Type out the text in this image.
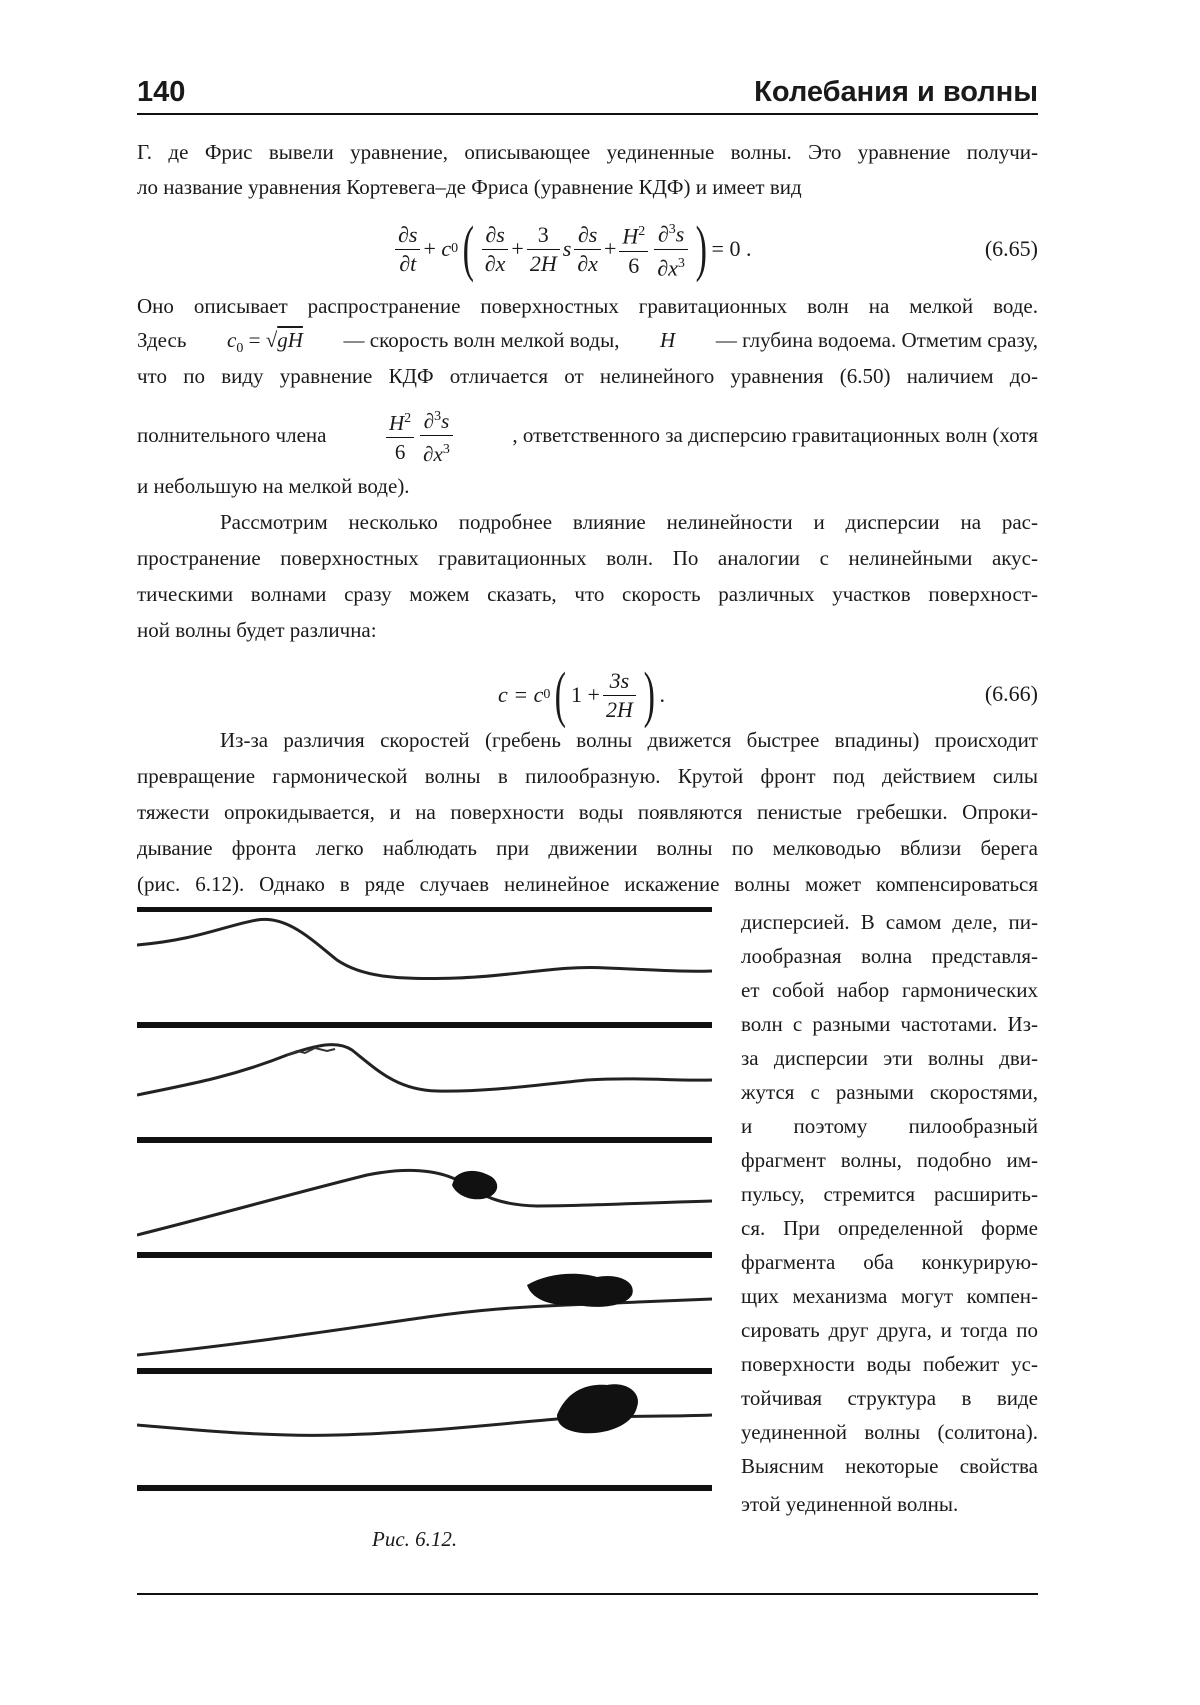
140	Колебания и волны
Г. де Фрис вывели уравнение, описывающее уединенные волны. Это уравнение получи-
ло название уравнения Кортевега–де Фриса (уравнение КДФ) и имеет вид
$\frac{\partial s}{\partial t}$ +
c 0 ( $\frac{\partial s}{\partial x} + \frac{3}{2H}$ s $\frac{\partial s}{\partial x} + \frac{H^2}{6} \frac{\partial^3s}{\partial x^3}$ ) = 0 .	(6.65)
Оно описывает распространение поверхностных гравитационных волн на мелкой воде.
Здесь $c_0 = √gH$ — скорость волн мелкой воды, H — глубина водоема. Отметим сразу,
что по виду уравнение КДФ отличается от нелинейного уравнения (6.50) наличием до-
полнительного члена	$\frac{H^2}{6} \frac{\partial^3s}{\partial x^3}$	, ответственного за дисперсию гравитационных волн (хотя
и небольшую на мелкой воде).
Рассмотрим несколько подробнее влияние нелинейности и дисперсии на рас-
пространение поверхностных гравитационных волн. По аналогии с нелинейными акус-
тическими волнами сразу можем сказать, что скорость различных участков поверхност-
ной волны будет различна:
c = c 0 ( $1 + \frac{3s}{2H}$ ) .	(6.66)
Из-за различия скоростей (гребень волны движется быстрее впадины) происходит
превращение гармонической волны в пилообразную. Крутой фронт под действием силы
тяжести опрокидывается, и на поверхности воды появляются пенистые гребешки. Опроки-
дывание фронта легко наблюдать при движении волны по мелководью вблизи берега
(рис. 6.12). Однако в ряде случаев нелинейное искажение волны может компенсироваться
Рис. 6.12.
дисперсией. В самом деле, пи-
лообразная волна представля-
ет собой набор гармонических
волн с разными частотами. Из-
за дисперсии эти волны дви-
жутся с разными скоростями,
и поэтому пилообразный
фрагмент волны, подобно им-
пульсу, стремится расширить-
ся. При определенной форме
фрагмента оба конкурирую-
щих механизма могут компен-
сировать друг друга, и тогда по
поверхности воды побежит ус-
тойчивая структура в виде
уединенной волны (солитона).
Выясним некоторые свойства
этой уединенной волны.
